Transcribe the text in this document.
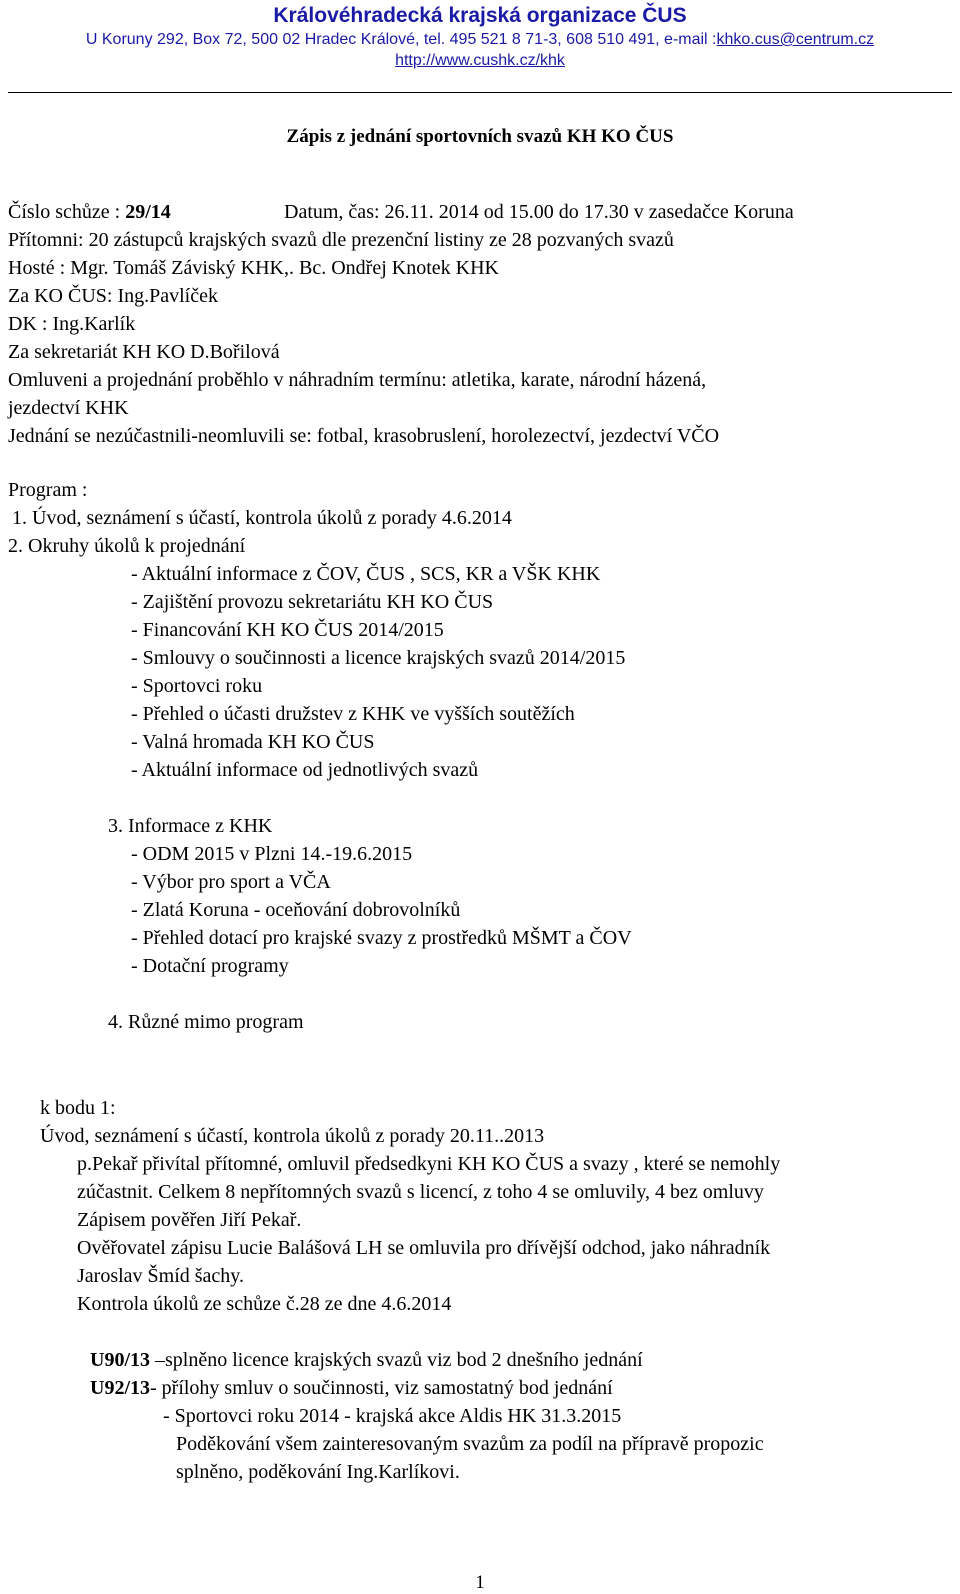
Královéhradecká krajská organizace ČUS
U Koruny 292, Box 72, 500 02 Hradec Králové, tel. 495 521 8 71-3, 608 510 491, e-mail :khko.cus@centrum.cz
http://www.cushk.cz/khk
Zápis z jednání sportovních svazů KH KO ČUS
Číslo schůze : 29/14	Datum, čas: 26.11. 2014 od 15.00 do 17.30 v zasedačce Koruna
Přítomni: 20 zástupců krajských svazů dle prezenční listiny ze 28 pozvaných svazů
Hosté : Mgr. Tomáš Záviský KHK,. Bc. Ondřej Knotek KHK
Za KO ČUS: Ing.Pavlíček
DK : Ing.Karlík
Za sekretariát KH KO D.Bořilová
Omluveni a projednání proběhlo v náhradním termínu: atletika, karate, národní házená,
jezdectví KHK
Jednání se nezúčastnili-neomluvili se: fotbal, krasobruslení, horolezectví, jezdectví VČO
Program :
1. Úvod, seznámení s účastí, kontrola úkolů z porady 4.6.2014
2. Okruhy úkolů k projednání
- Aktuální informace z ČOV, ČUS , SCS, KR a VŠK KHK
- Zajištění provozu sekretariátu KH KO ČUS
- Financování KH KO ČUS 2014/2015
- Smlouvy o součinnosti a licence krajských svazů 2014/2015
- Sportovci roku
- Přehled o účasti družstev z KHK ve vyšších soutěžích
- Valná hromada KH KO ČUS
- Aktuální informace od jednotlivých svazů
3. Informace z KHK
- ODM 2015 v Plzni 14.-19.6.2015
- Výbor pro sport a VČA
- Zlatá Koruna - oceňování dobrovolníků
- Přehled dotací pro krajské svazy z prostředků MŠMT a ČOV
- Dotační programy
4. Různé mimo program
k bodu 1:
Úvod, seznámení s účastí, kontrola úkolů z porady 20.11..2013
p.Pekař přivítal přítomné, omluvil předsedkyni KH KO ČUS a svazy , které se nemohly
zúčastnit. Celkem 8 nepřítomných svazů s licencí, z toho 4 se omluvily, 4 bez omluvy
Zápisem pověřen Jiří Pekař.
Ověřovatel zápisu Lucie Balášová LH se omluvila pro dřívější odchod, jako náhradník
Jaroslav Šmíd šachy.
Kontrola úkolů ze schůze č.28 ze dne 4.6.2014
U90/13 –splněno licence krajských svazů viz bod 2 dnešního jednání
U92/13- přílohy smluv o součinnosti, viz samostatný bod jednání
- Sportovci roku 2014 - krajská akce Aldis HK 31.3.2015
Poděkování všem zainteresovaným svazům za podíl na přípravě propozic
splněno, poděkování Ing.Karlíkovi.
1
